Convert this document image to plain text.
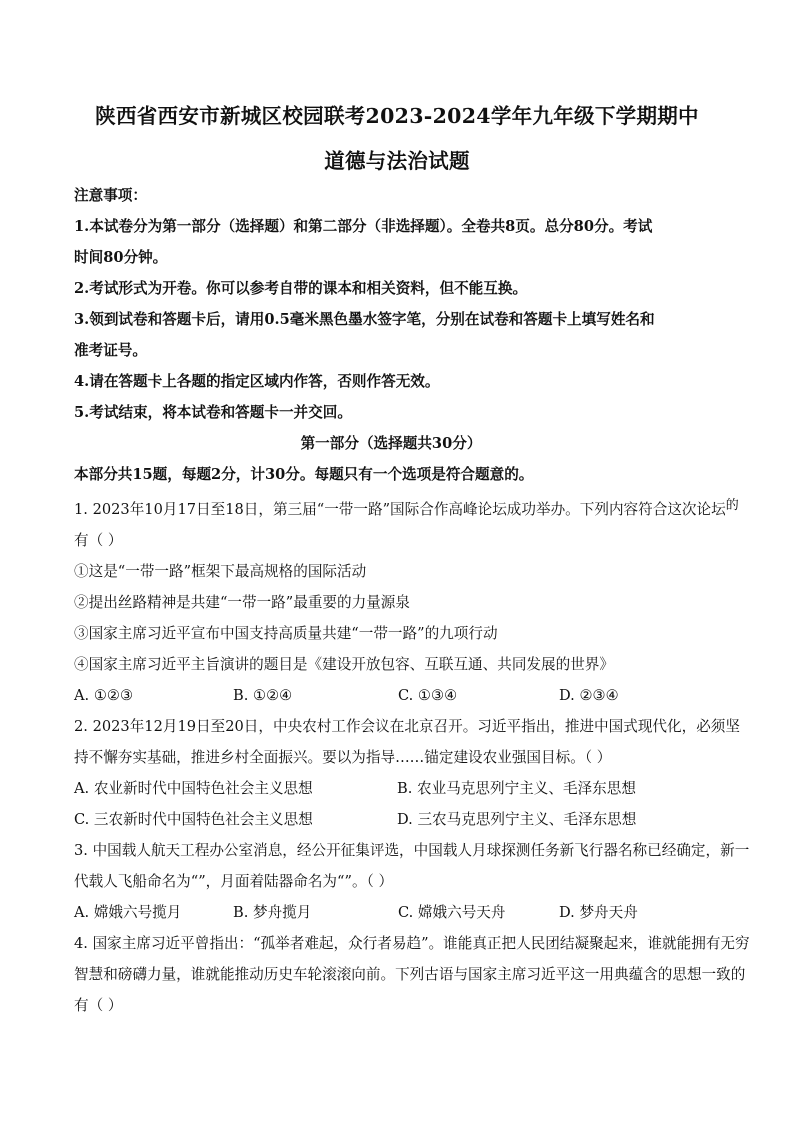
陕西省西安市新城区校园联考2023-2024学年九年级下学期期中
道德与法治试题
注意事项：
1.本试卷分为第一部分（选择题）和第二部分（非选择题）。全卷共8页。总分80分。考试
时间80分钟。
2.考试形式为开卷。你可以参考自带的课本和相关资料，但不能互换。
3.领到试卷和答题卡后，请用0.5毫米黑色墨水签字笔，分别在试卷和答题卡上填写姓名和
准考证号。
4.请在答题卡上各题的指定区域内作答，否则作答无效。
5.考试结束，将本试卷和答题卡一并交回。
第一部分（选择题共30分）
本部分共15题，每题2分，计30分。每题只有一个选项是符合题意的。
1. 2023年10月17日至18日，第三届“一带一路”国际合作高峰论坛成功举办。下列内容符合这次论坛的
有（ ）
①这是“一带一路”框架下最高规格的国际活动
②提出丝路精神是共建“一带一路”最重要的力量源泉
③国家主席习近平宣布中国支持高质量共建“一带一路”的九项行动
④国家主席习近平主旨演讲的题目是《建设开放包容、互联互通、共同发展的世界》
A. ①②③	B. ①②④	C. ①③④	D. ②③④
2. 2023年12月19日至20日，中央农村工作会议在北京召开。习近平指出，推进中国式现代化，必须坚
持不懈夯实基础，推进乡村全面振兴。要以为指导……锚定建设农业强国目标。（ ）
A. 农业新时代中国特色社会主义思想	B. 农业马克思列宁主义、毛泽东思想
C. 三农新时代中国特色社会主义思想	D. 三农马克思列宁主义、毛泽东思想
3. 中国载人航天工程办公室消息，经公开征集评选，中国载人月球探测任务新飞行器名称已经确定，新一
代载人飞船命名为“”，月面着陆器命名为“”。（ ）
A. 嫦娥六号揽月	B. 梦舟揽月	C. 嫦娥六号天舟	D. 梦舟天舟
4. 国家主席习近平曾指出：“孤举者难起，众行者易趋”。谁能真正把人民团结凝聚起来，谁就能拥有无穷
智慧和磅礴力量，谁就能推动历史车轮滚滚向前。下列古语与国家主席习近平这一用典蕴含的思想一致的
有（ ）
